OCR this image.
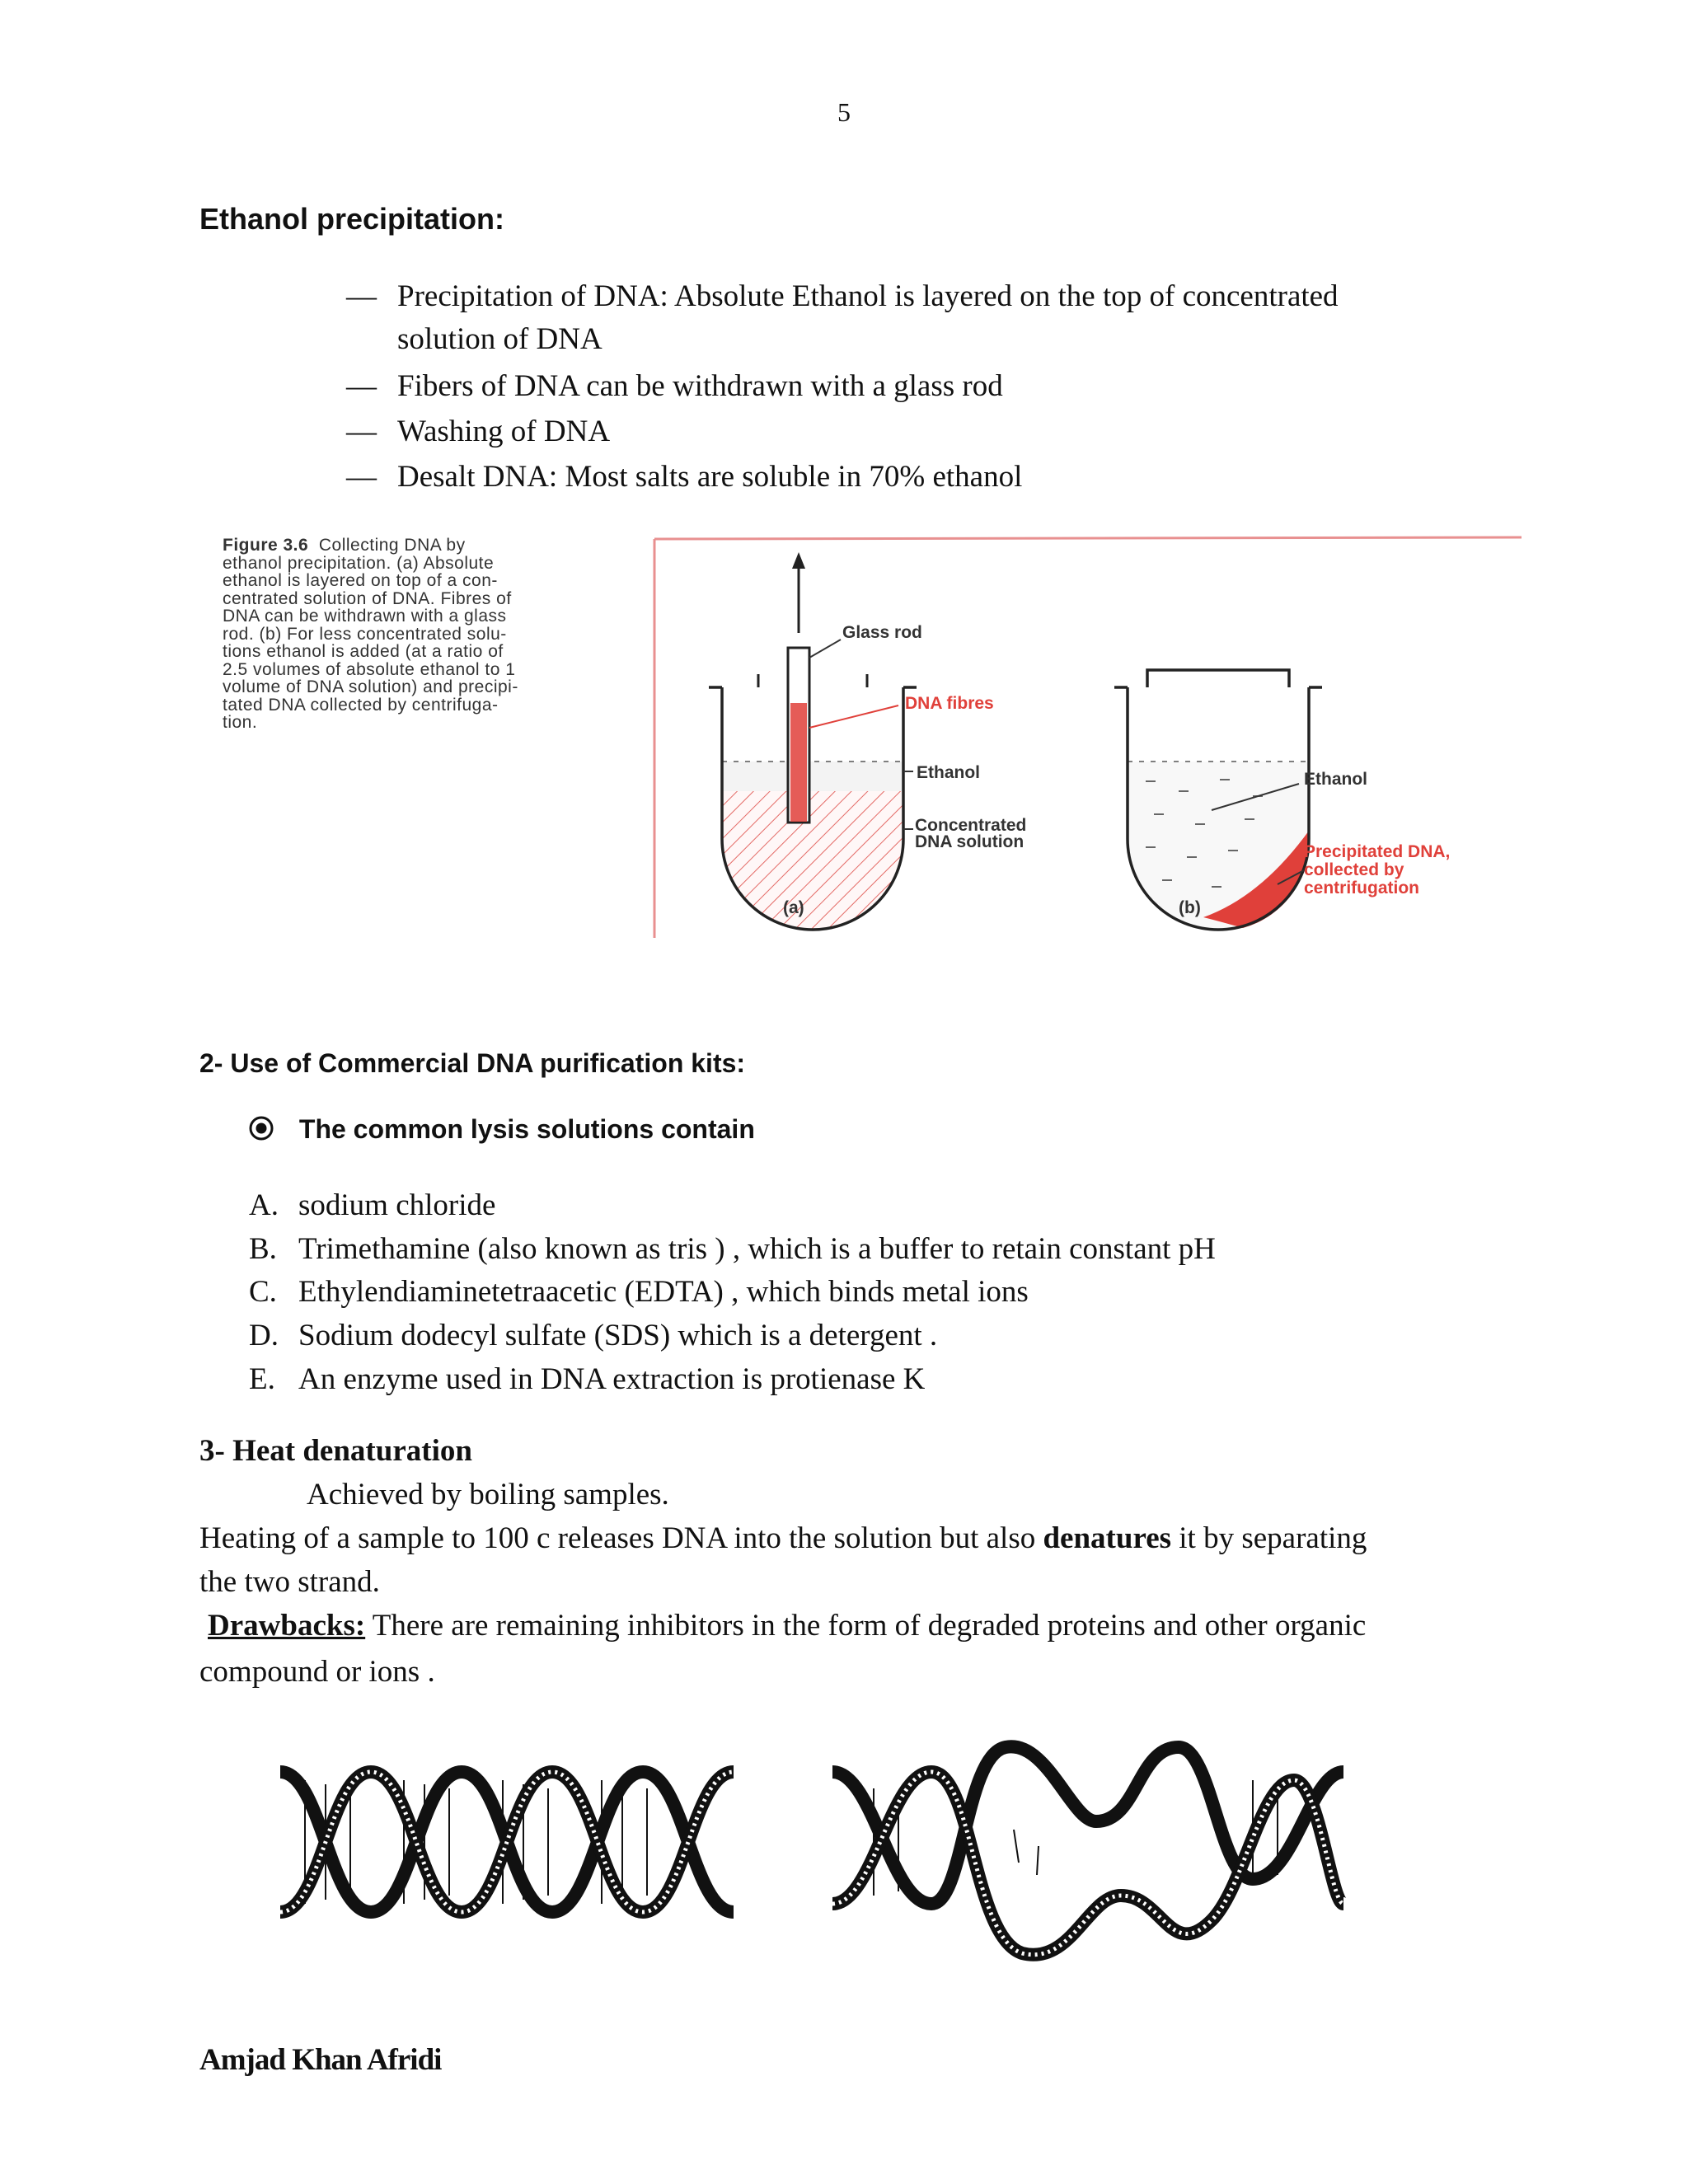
5
Ethanol precipitation:
— Precipitation of DNA: Absolute Ethanol is layered on the top of concentrated
solution of DNA
— Fibers of DNA can be withdrawn with a glass rod
— Washing of DNA
— Desalt DNA: Most salts are soluble in 70% ethanol
Figure 3.6 Collecting DNA by
ethanol precipitation. (a) Absolute
ethanol is layered on top of a con-
centrated solution of DNA. Fibres of
DNA can be withdrawn with a glass
rod. (b) For less concentrated solu-
tions ethanol is added (at a ratio of
2.5 volumes of absolute ethanol to 1
volume of DNA solution) and precipi-
tated DNA collected by centrifuga-
tion.
Glass rod
DNA fibres
Ethanol
Concentrated
DNA solution
(a)
Ethanol
Precipitated DNA,
collected by
centrifugation
(b)
2- Use of Commercial DNA purification kits:
The common lysis solutions contain
A. sodium chloride
B. Trimethamine (also known as tris ) , which is a buffer to retain constant pH
C. Ethylendiaminetetraacetic (EDTA) , which binds metal ions
D. Sodium dodecyl sulfate (SDS) which is a detergent .
E. An enzyme used in DNA extraction is protienase K
3- Heat denaturation
Achieved by boiling samples.
Heating of a sample to 100 c releases DNA into the solution but also denatures it by separating
the two strand.
Drawbacks: There are remaining inhibitors in the form of degraded proteins and other organic
compound or ions .
Amjad Khan Afridi
